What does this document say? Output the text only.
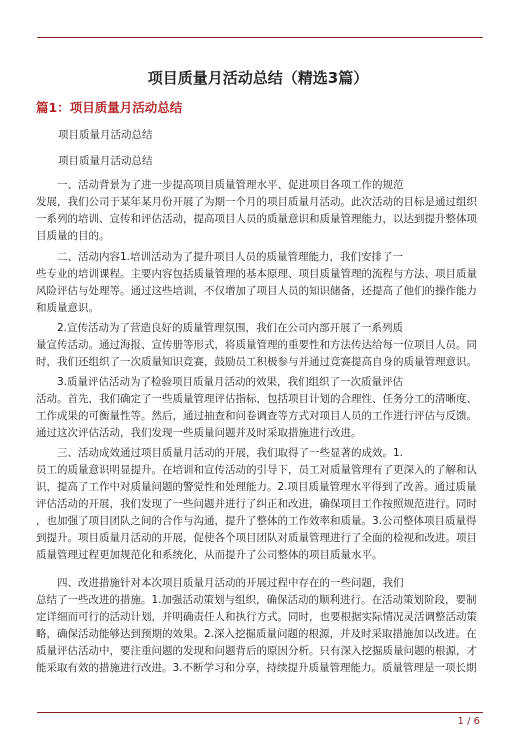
项目质量月活动总结（精选3篇）
篇1：项目质量月活动总结
项目质量月活动总结
项目质量月活动总结
　　一、活动背景为了进一步提高项目质量管理水平、促进项目各项工作的规范
发展，我们公司于某年某月份开展了为期一个月的项目质量月活动。此次活动的目标是通过组织
一系列的培训、宣传和评估活动，提高项目人员的质量意识和质量管理能力，以达到提升整体项
目质量的目的。
　　二、活动内容1.培训活动为了提升项目人员的质量管理能力，我们安排了一
些专业的培训课程。主要内容包括质量管理的基本原理、项目质量管理的流程与方法、项目质量
风险评估与处理等。通过这些培训，不仅增加了项目人员的知识储备，还提高了他们的操作能力
和质量意识。
　　2.宣传活动为了营造良好的质量管理氛围，我们在公司内部开展了一系列质
量宣传活动。通过海报、宣传册等形式，将质量管理的重要性和方法传达给每一位项目人员。同
时，我们还组织了一次质量知识竞赛，鼓励员工积极参与并通过竞赛提高自身的质量管理意识。
　　3.质量评估活动为了检验项目质量月活动的效果，我们组织了一次质量评估
活动。首先，我们确定了一些质量管理评估指标，包括项目计划的合理性、任务分工的清晰度、
工作成果的可衡量性等。然后，通过抽查和问卷调查等方式对项目人员的工作进行评估与反馈。
通过这次评估活动，我们发现一些质量问题并及时采取措施进行改进。
　　三、活动成效通过项目质量月活动的开展，我们取得了一些显著的成效。1.
员工的质量意识明显提升。在培训和宣传活动的引导下，员工对质量管理有了更深入的了解和认
识，提高了工作中对质量问题的警觉性和处理能力。2.项目质量管理水平得到了改善。通过质量
评估活动的开展，我们发现了一些问题并进行了纠正和改进，确保项目工作按照规范进行。同时
，也加强了项目团队之间的合作与沟通，提升了整体的工作效率和质量。3.公司整体项目质量得
到提升。项目质量月活动的开展，促使各个项目团队对质量管理进行了全面的检视和改进。项目
质量管理过程更加规范化和系统化，从而提升了公司整体的项目质量水平。
　　四、改进措施针对本次项目质量月活动的开展过程中存在的一些问题，我们
总结了一些改进的措施。1.加强活动策划与组织，确保活动的顺利进行。在活动策划阶段，要制
定详细而可行的活动计划，并明确责任人和执行方式。同时，也要根据实际情况灵活调整活动策
略，确保活动能够达到预期的效果。2.深入挖掘质量问题的根源，并及时采取措施加以改进。在
质量评估活动中，要注重问题的发现和问题背后的原因分析。只有深入挖掘质量问题的根源，才
能采取有效的措施进行改进。3.不断学习和分享，持续提升质量管理能力。质量管理是一项长期
1 / 6
